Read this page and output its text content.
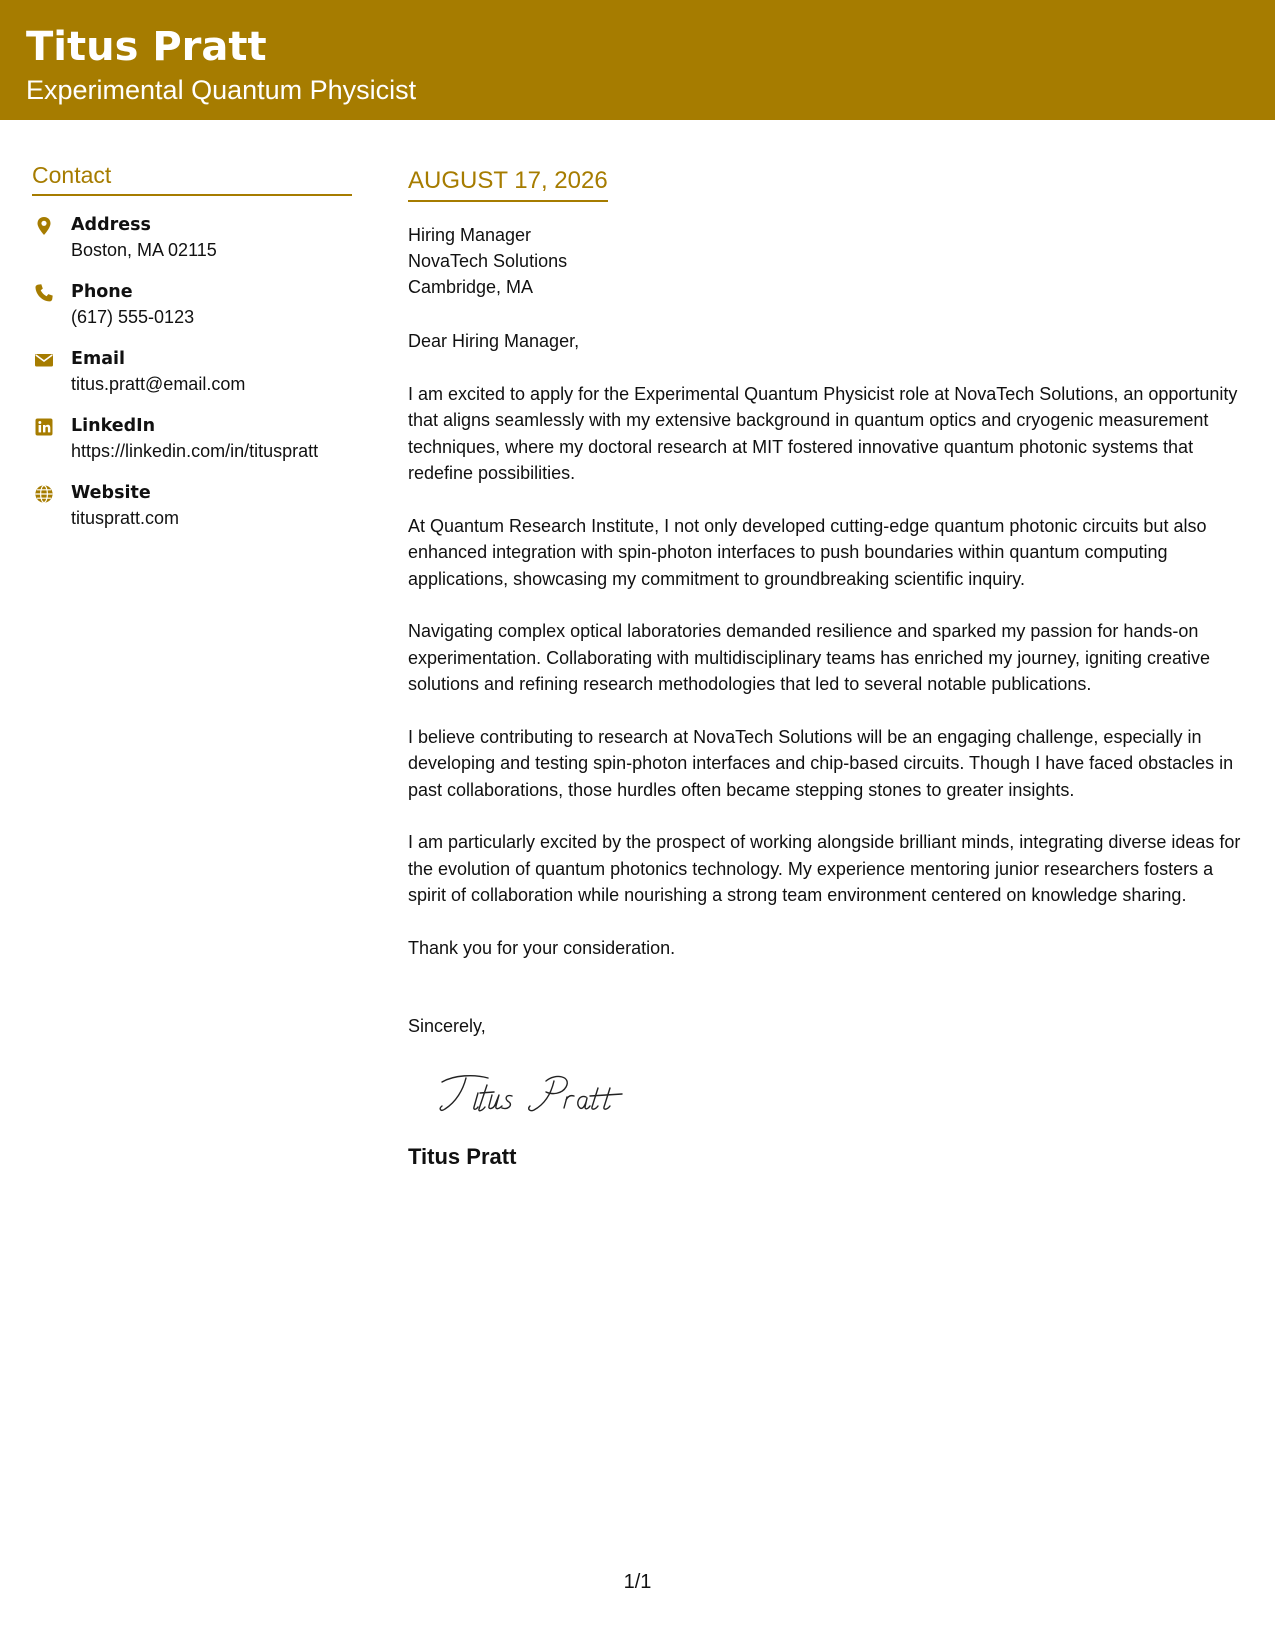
Titus Pratt
Experimental Quantum Physicist
Contact
Address
Boston, MA 02115
Phone
(617) 555-0123
Email
titus.pratt@email.com
LinkedIn
https://linkedin.com/in/tituspratt
Website
tituspratt.com
AUGUST 17, 2026
Hiring Manager
NovaTech Solutions
Cambridge, MA
Dear Hiring Manager,
I am excited to apply for the Experimental Quantum Physicist role at NovaTech Solutions, an opportunity that aligns seamlessly with my extensive background in quantum optics and cryogenic measurement techniques, where my doctoral research at MIT fostered innovative quantum photonic systems that redefine possibilities.
At Quantum Research Institute, I not only developed cutting-edge quantum photonic circuits but also enhanced integration with spin-photon interfaces to push boundaries within quantum computing applications, showcasing my commitment to groundbreaking scientific inquiry.
Navigating complex optical laboratories demanded resilience and sparked my passion for hands-on experimentation. Collaborating with multidisciplinary teams has enriched my journey, igniting creative solutions and refining research methodologies that led to several notable publications.
I believe contributing to research at NovaTech Solutions will be an engaging challenge, especially in developing and testing spin-photon interfaces and chip-based circuits. Though I have faced obstacles in past collaborations, those hurdles often became stepping stones to greater insights.
I am particularly excited by the prospect of working alongside brilliant minds, integrating diverse ideas for the evolution of quantum photonics technology. My experience mentoring junior researchers fosters a spirit of collaboration while nourishing a strong team environment centered on knowledge sharing.
Thank you for your consideration.
Sincerely,
Titus Pratt
1/1
